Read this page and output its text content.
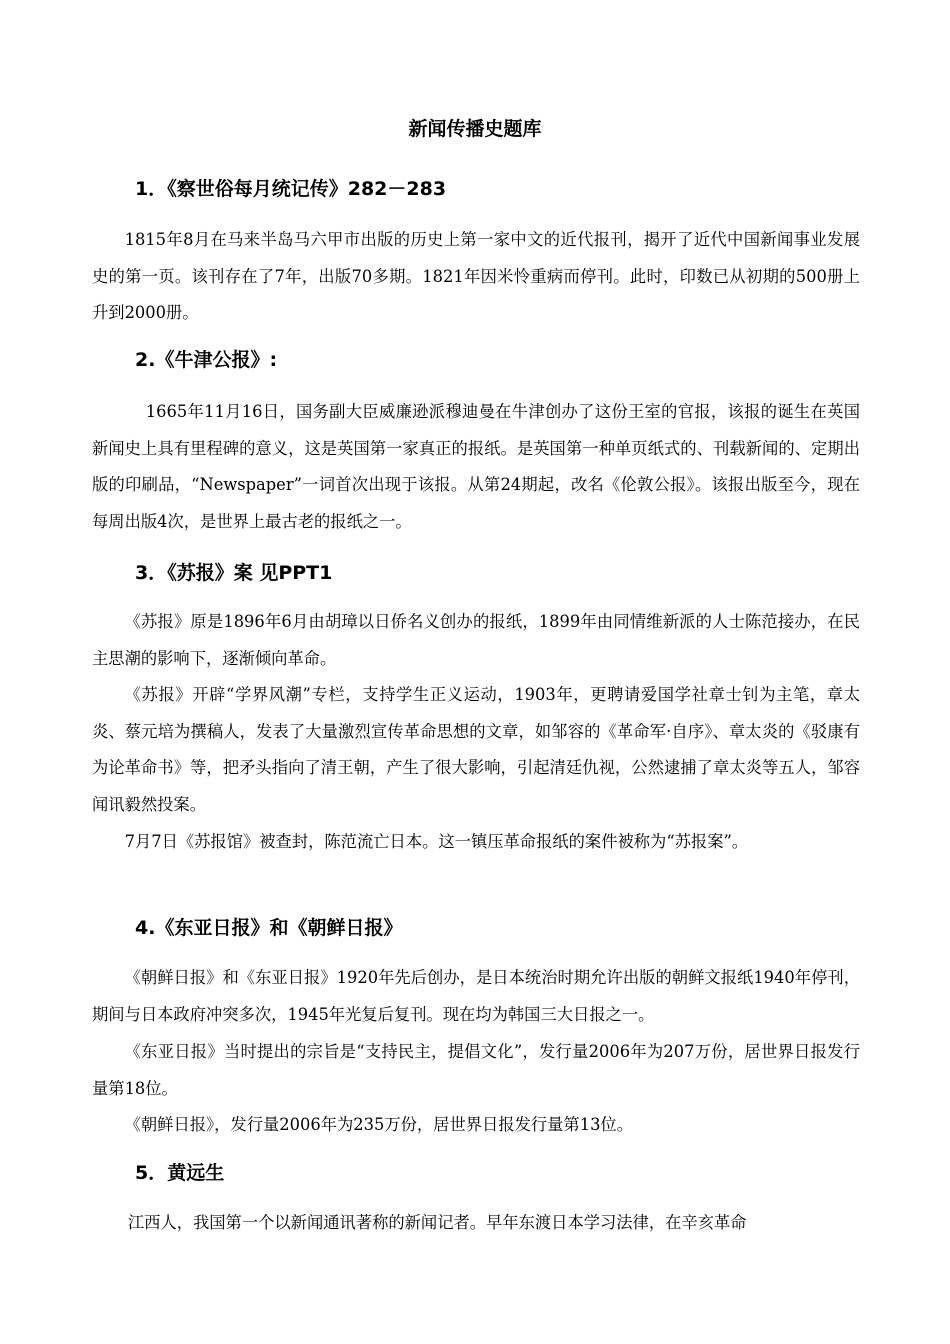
新闻传播史题库
1．《察世俗每月统记传》282－283

1815年8月在马来半岛马六甲市出版的历史上第一家中文的近代报刊，揭开了近代中国新闻事业发展史的第一页。该刊存在了7年，出版70多期。1821年因米怜重病而停刊。此时，印数已从初期的500册上升到2000册。

2.《牛津公报》:

1665年11月16日，国务副大臣威廉逊派穆迪曼在牛津创办了这份王室的官报，该报的诞生在英国新闻史上具有里程碑的意义，这是英国第一家真正的报纸。是英国第一种单页纸式的、刊载新闻的、定期出版的印刷品，“Newspaper”一词首次出现于该报。从第24期起，改名《伦敦公报》。该报出版至今，现在每周出版4次，是世界上最古老的报纸之一。

3．《苏报》案 见PPT1

《苏报》原是1896年6月由胡璋以日侨名义创办的报纸，1899年由同情维新派的人士陈范接办，在民主思潮的影响下，逐渐倾向革命。

《苏报》开辟“学界风潮”专栏，支持学生正义运动，1903年，更聘请爱国学社章士钊为主笔，章太炎、蔡元培为撰稿人，发表了大量激烈宣传革命思想的文章，如邹容的《革命军·自序》、章太炎的《驳康有为论革命书》等，把矛头指向了清王朝，产生了很大影响，引起清廷仇视，公然逮捕了章太炎等五人，邹容闻讯毅然投案。

7月7日《苏报馆》被查封，陈范流亡日本。这一镇压革命报纸的案件被称为“苏报案”。

4.《东亚日报》和《朝鲜日报》

《朝鲜日报》和《东亚日报》1920年先后创办，是日本统治时期允许出版的朝鲜文报纸1940年停刊，期间与日本政府冲突多次，1945年光复后复刊。现在均为韩国三大日报之一。

《东亚日报》当时提出的宗旨是“支持民主，提倡文化”，发行量2006年为207万份，居世界日报发行量第18位。

《朝鲜日报》，发行量2006年为235万份，居世界日报发行量第13位。

5．黄远生

江西人，我国第一个以新闻通讯著称的新闻记者。早年东渡日本学习法律，在辛亥革命
